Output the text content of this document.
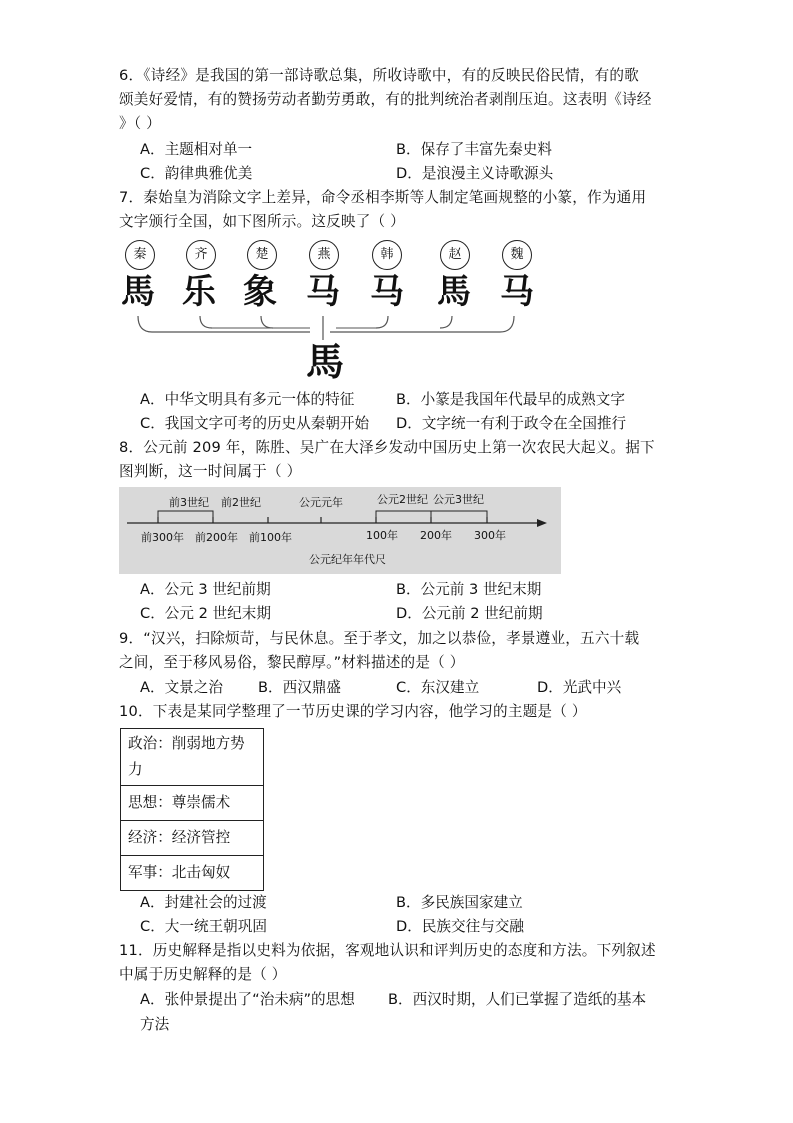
6．《诗经》是我国的第一部诗歌总集，所收诗歌中，有的反映民俗民情，有的歌
颂美好爱情，有的赞扬劳动者勤劳勇敢，有的批判统治者剥削压迫。这表明《诗经
》（ ）
A．主题相对单一	B．保存了丰富先秦史料
C．韵律典雅优美	D．是浪漫主义诗歌源头
7．秦始皇为消除文字上差异，命令丞相李斯等人制定笔画规整的小篆，作为通用
文字颁行全国，如下图所示。这反映了（ ）
秦	齐	楚	燕	韩	赵	魏
馬 乐 象 马 马 馬 马
馬
A．中华文明具有多元一体的特征	B．小篆是我国年代最早的成熟文字
C．我国文字可考的历史从秦朝开始 D．文字统一有利于政令在全国推行
8．公元前 209 年，陈胜、吴广在大泽乡发动中国历史上第一次农民大起义。据下
图判断，这一时间属于（ ）
前3世纪 前2世纪	公元元年	公元2世纪 公元3世纪
前300年 前200年 前100年	100年 200年 300年
公元纪年年代尺
A．公元 3 世纪前期	B．公元前 3 世纪末期
C．公元 2 世纪末期	D．公元前 2 世纪前期
9．“汉兴，扫除烦苛，与民休息。至于孝文，加之以恭俭，孝景遵业，五六十载
之间，至于移风易俗，黎民醇厚。”材料描述的是（ ）
A．文景之治 B．西汉鼎盛	C．东汉建立	D．光武中兴
10．下表是某同学整理了一节历史课的学习内容，他学习的主题是（ ）
政治：削弱地方势力
思想：尊崇儒术
经济：经济管控
军事：北击匈奴
A．封建社会的过渡	B．多民族国家建立
C．大一统王朝巩固	D．民族交往与交融
11．历史解释是指以史料为依据，客观地认识和评判历史的态度和方法。下列叙述
中属于历史解释的是（ ）
A．张仲景提出了“治未病”的思想 B．西汉时期，人们已掌握了造纸的基本
方法
